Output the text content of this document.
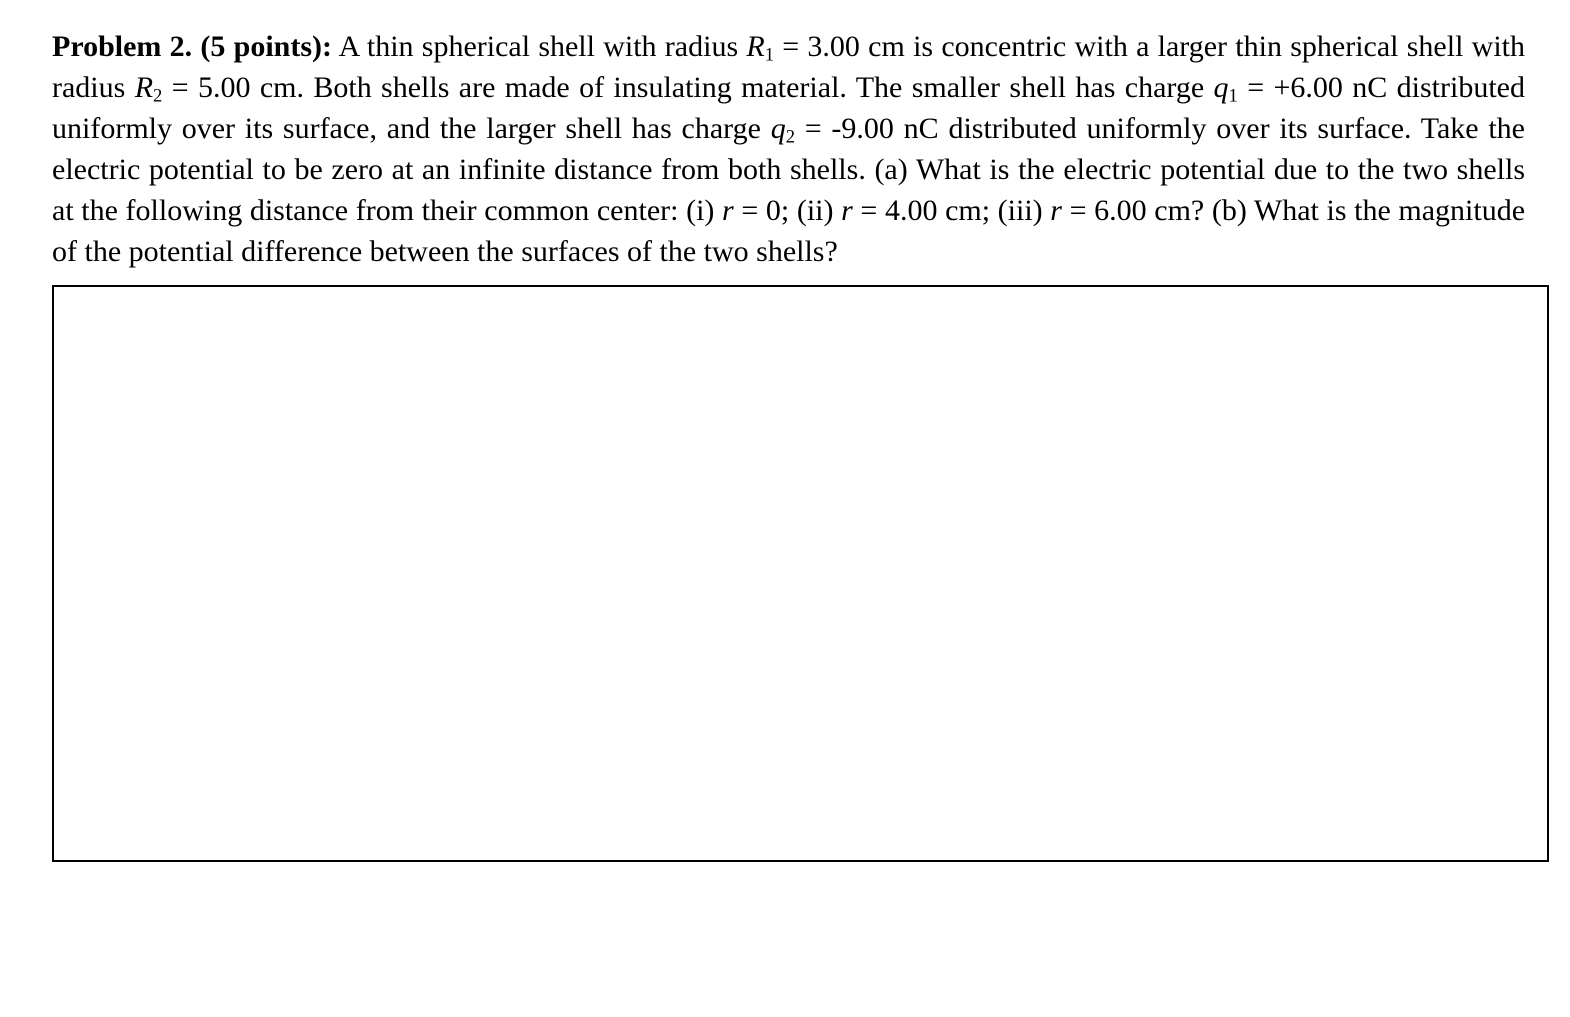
Problem 2. (5 points): A thin spherical shell with radius $R_1 = 3.00$ cm is concentric with a larger thin spherical shell with radius $R_2 = 5.00$ cm. Both shells are made of insulating material. The smaller shell has charge $q_1 = +6.00$ nC distributed uniformly over its surface, and the larger shell has charge $q_2 = -9.00$ nC distributed uniformly over its surface. Take the electric potential to be zero at an infinite distance from both shells. (a) What is the electric potential due to the two shells at the following distance from their common center: (i) r = 0; (ii) r = 4.00 cm; (iii) r = 6.00 cm? (b) What is the magnitude of the potential difference between the surfaces of the two shells?
